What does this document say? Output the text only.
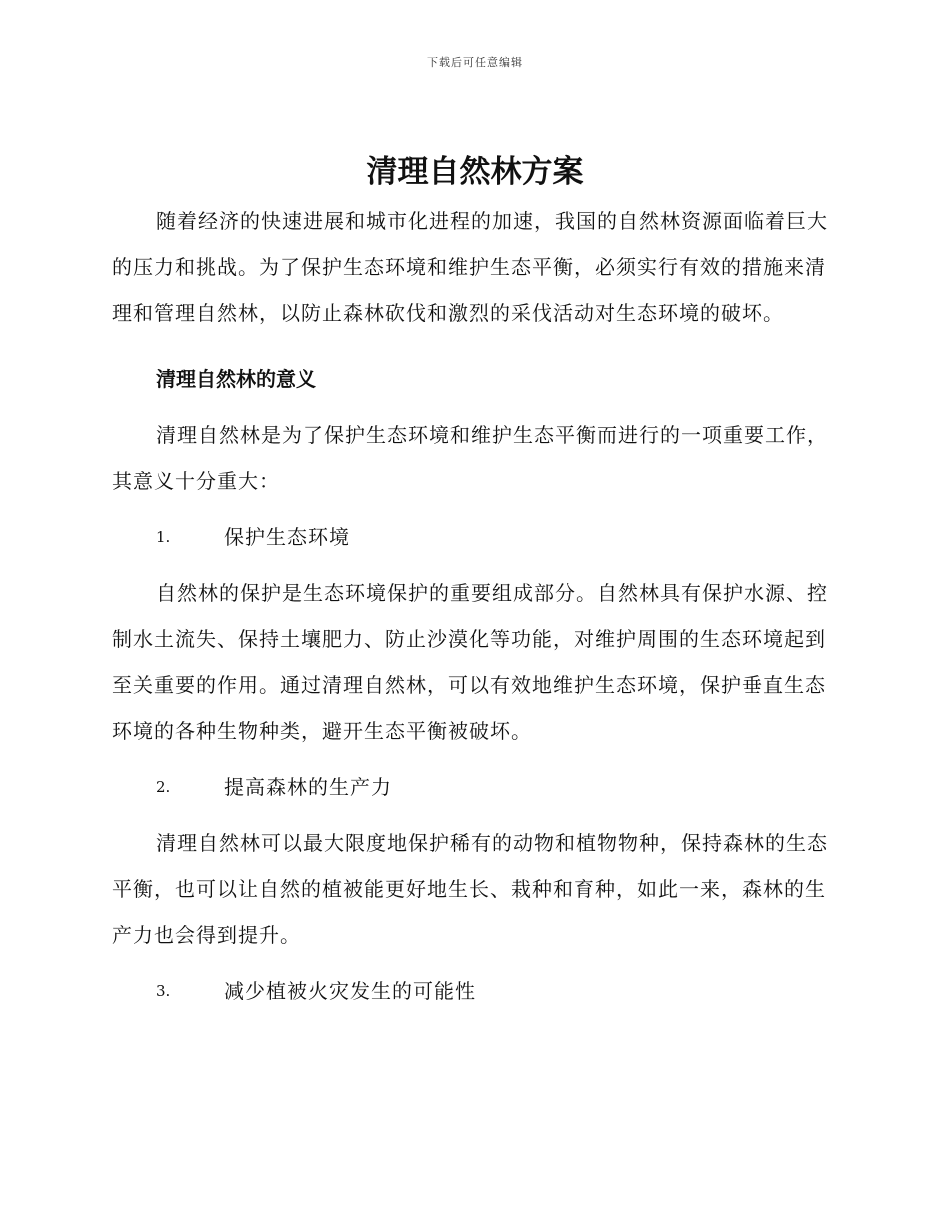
下载后可任意编辑
清理自然林方案

随着经济的快速进展和城市化进程的加速，我国的自然林资源面临着巨大的压力和挑战。为了保护生态环境和维护生态平衡，必须实行有效的措施来清理和管理自然林，以防止森林砍伐和激烈的采伐活动对生态环境的破坏。

清理自然林的意义

清理自然林是为了保护生态环境和维护生态平衡而进行的一项重要工作，其意义十分重大：

1.	保护生态环境

自然林的保护是生态环境保护的重要组成部分。自然林具有保护水源、控制水土流失、保持土壤肥力、防止沙漠化等功能，对维护周围的生态环境起到至关重要的作用。通过清理自然林，可以有效地维护生态环境，保护垂直生态环境的各种生物种类，避开生态平衡被破坏。

2.	提高森林的生产力

清理自然林可以最大限度地保护稀有的动物和植物物种，保持森林的生态平衡，也可以让自然的植被能更好地生长、栽种和育种，如此一来，森林的生产力也会得到提升。

3.	减少植被火灾发生的可能性
